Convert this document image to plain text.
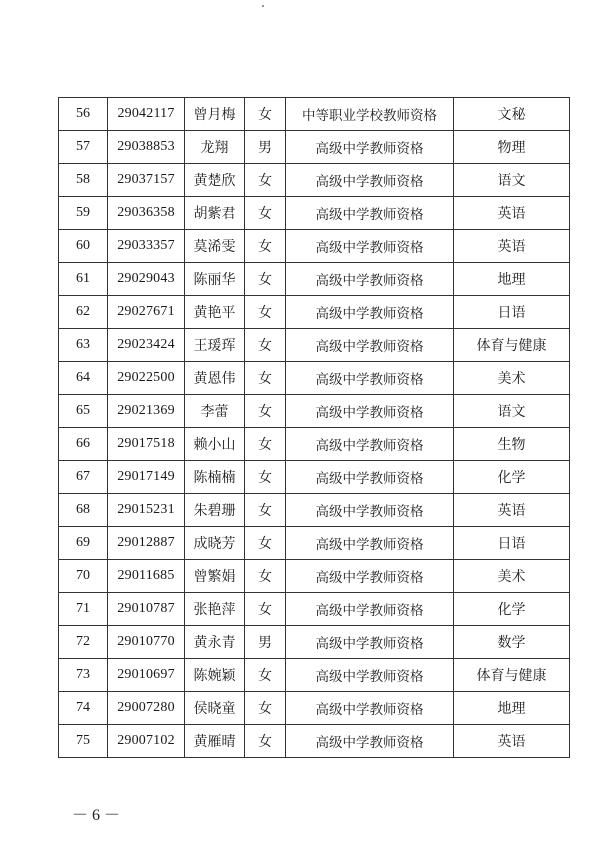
56	29042117	曾月梅	女	中等职业学校教师资格	文秘
57	29038853	龙翔	男	高级中学教师资格	物理
58	29037157	黄楚欣	女	高级中学教师资格	语文
59	29036358	胡紫君	女	高级中学教师资格	英语
60	29033357	莫浠雯	女	高级中学教师资格	英语
61	29029043	陈丽华	女	高级中学教师资格	地理
62	29027671	黄艳平	女	高级中学教师资格	日语
63	29023424	王瑗珲	女	高级中学教师资格	体育与健康
64	29022500	黄恩伟	女	高级中学教师资格	美术
65	29021369	李蕾	女	高级中学教师资格	语文
66	29017518	赖小山	女	高级中学教师资格	生物
67	29017149	陈楠楠	女	高级中学教师资格	化学
68	29015231	朱碧珊	女	高级中学教师资格	英语
69	29012887	成晓芳	女	高级中学教师资格	日语
70	29011685	曾繁娟	女	高级中学教师资格	美术
71	29010787	张艳萍	女	高级中学教师资格	化学
72	29010770	黄永青	男	高级中学教师资格	数学
73	29010697	陈婉颖	女	高级中学教师资格	体育与健康
74	29007280	侯晓童	女	高级中学教师资格	地理
75	29007102	黄雁晴	女	高级中学教师资格	英语
－ 6 －
